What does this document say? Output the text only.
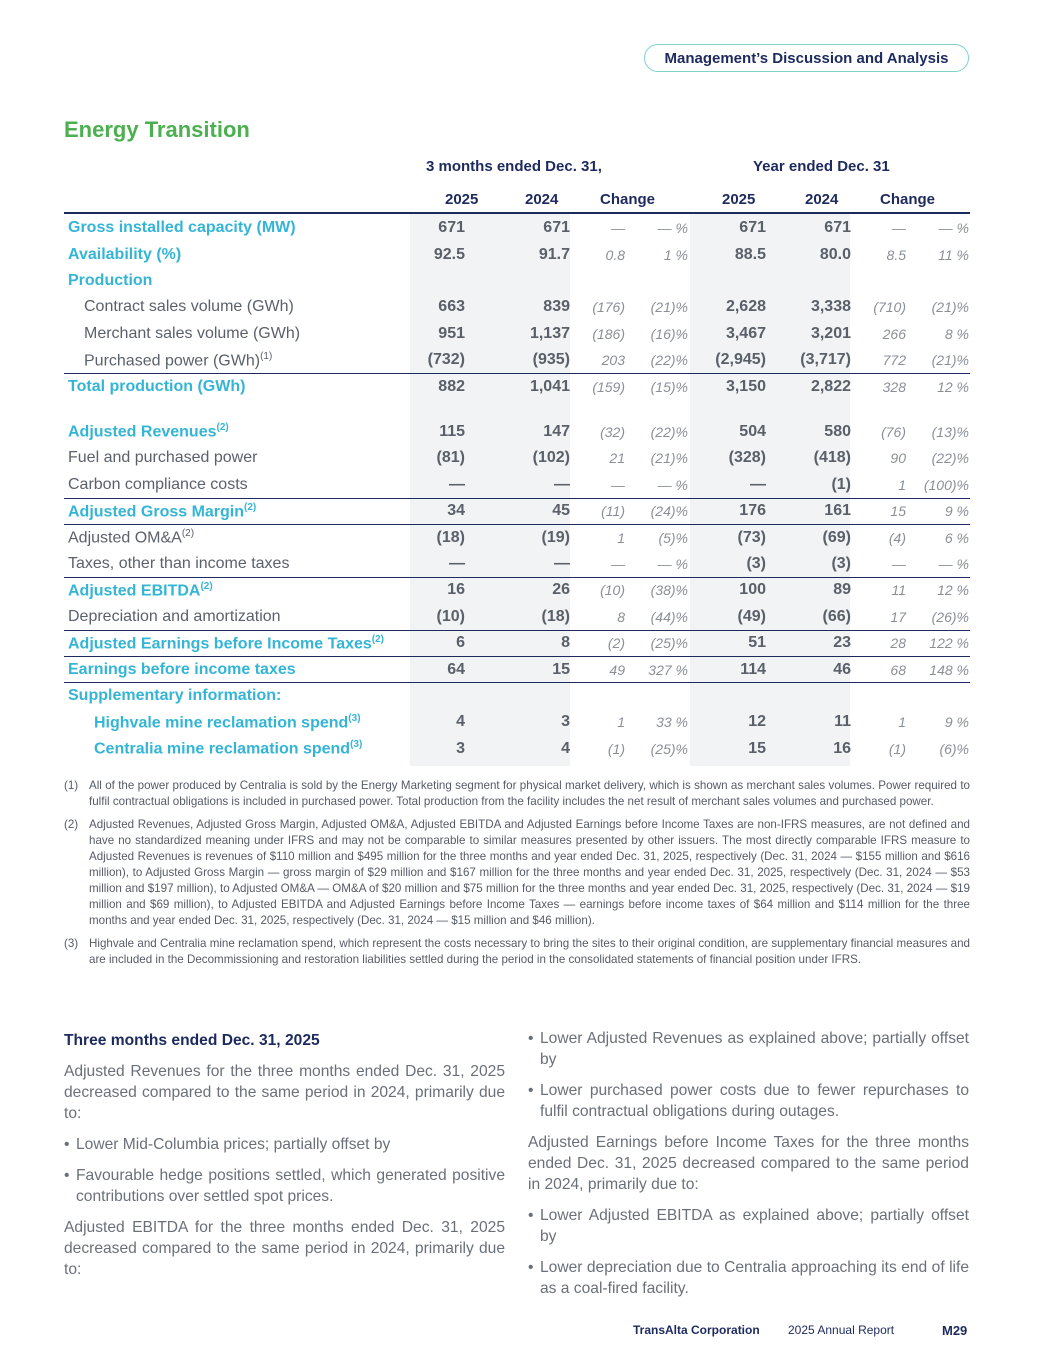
Management’s Discussion and Analysis
Energy Transition
3 months ended Dec. 31,	Year ended Dec. 31
2025	2024	Change	2025	2024	Change
Gross installed capacity (MW)	671	671	—	— %	671	671	—	— %
Availability (%)	92.5	91.7	0.8	1 %	88.5	80.0	8.5	11 %
Production
Contract sales volume (GWh)	663	839	(176)	(21)%	2,628	3,338	(710)	(21)%
Merchant sales volume (GWh)	951	1,137	(186)	(16)%	3,467	3,201	266	8 %
Purchased power (GWh)$^{(1)}$	(732)	(935)	203	(22)%	(2,945)	(3,717)	772	(21)%
Total production (GWh)	882	1,041	(159)	(15)%	3,150	2,822	328	12 %
Adjusted Revenues$^{(2)}$	115	147	(32)	(22)%	504	580	(76)	(13)%
Fuel and purchased power	(81)	(102)	21	(21)%	(328)	(418)	90	(22)%
Carbon compliance costs	—	—	—	— %	—	(1)	1	(100)%
Adjusted Gross Margin$^{(2)}$	34	45	(11)	(24)%	176	161	15	9 %
Adjusted $OM\&A^{(2)}$	(18)	(19)	1	(5)%	(73)	(69)	(4)	6 %
Taxes, other than income taxes	—	—	—	— %	(3)	(3)	—	— %
Adjusted EBITDA$^{(2)}$	16	26	(10)	(38)%	100	89	11	12 %
Depreciation and amortization	(10)	(18)	8	(44)%	(49)	(66)	17	(26)%
Adjusted Earnings before Income Taxes$^{(2)}$	6	8	(2)	(25)%	51	23	28	122 %
Earnings before income taxes	64	15	49	327 %	114	46	68	148 %
Supplementary information:
Highvale mine reclamation spend$^{(3)}$	4	3	1	33 %	12	11	1	9 %
Centralia mine reclamation spend$^{(3)}$	3	4	(1)	(25)%	15	16	(1)	(6)%
(1) All of the power produced by Centralia is sold by the Energy Marketing segment for physical market delivery, which is shown as merchant sales volumes. Power required to fulfil contractual obligations is included in purchased power. Total production from the facility includes the net result of merchant sales volumes and purchased power.
(2) Adjusted Revenues, Adjusted Gross Margin, Adjusted OM&A, Adjusted EBITDA and Adjusted Earnings before Income Taxes are non-IFRS measures, are not defined and have no standardized meaning under IFRS and may not be comparable to similar measures presented by other issuers. The most directly comparable IFRS measure to Adjusted Revenues is revenues of $110 million and $495 million for the three months and year ended Dec. 31, 2025, respectively (Dec. 31, 2024 — $155 million and $616 million), to Adjusted Gross Margin — gross margin of $29 million and $167 million for the three months and year ended Dec. 31, 2025, respectively (Dec. 31, 2024 — $53 million and $197 million), to Adjusted OM&A — OM&A of $20 million and $75 million for the three months and year ended Dec. 31, 2025, respectively (Dec. 31, 2024 — $19 million and $69 million), to Adjusted EBITDA and Adjusted Earnings before Income Taxes — earnings before income taxes of $64 million and $114 million for the three months and year ended Dec. 31, 2025, respectively (Dec. 31, 2024 — $15 million and $46 million).
(3) Highvale and Centralia mine reclamation spend, which represent the costs necessary to bring the sites to their original condition, are supplementary financial measures and are included in the Decommissioning and restoration liabilities settled during the period in the consolidated statements of financial position under IFRS.
Three months ended Dec. 31, 2025

Adjusted Revenues for the three months ended Dec. 31, 2025 decreased compared to the same period in 2024, primarily due to:

• Lower Mid-Columbia prices; partially offset by
• Favourable hedge positions settled, which generated positive contributions over settled spot prices.

Adjusted EBITDA for the three months ended Dec. 31, 2025 decreased compared to the same period in 2024, primarily due to:

• Lower Adjusted Revenues as explained above; partially offset by
• Lower purchased power costs due to fewer repurchases to fulfil contractual obligations during outages.

Adjusted Earnings before Income Taxes for the three months ended Dec. 31, 2025 decreased compared to the same period in 2024, primarily due to:

• Lower Adjusted EBITDA as explained above; partially offset by
• Lower depreciation due to Centralia approaching its end of life as a coal-fired facility.
TransAlta Corporation 2025 Annual Report	M29
